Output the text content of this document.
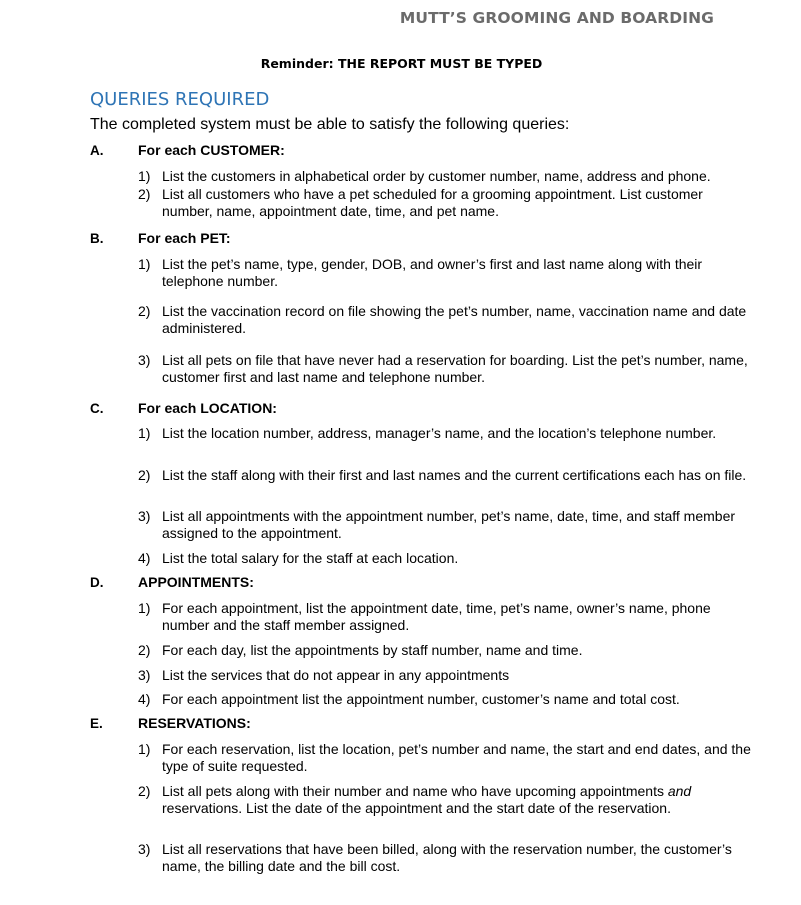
MUTT’S GROOMING AND BOARDING
Reminder: THE REPORT MUST BE TYPED
QUERIES REQUIRED
The completed system must be able to satisfy the following queries:
A. For each CUSTOMER:
1) List the customers in alphabetical order by customer number, name, address and phone.
2) List all customers who have a pet scheduled for a grooming appointment. List customer number, name, appointment date, time, and pet name.
B. For each PET:
1) List the pet’s name, type, gender, DOB, and owner’s first and last name along with their telephone number.
2) List the vaccination record on file showing the pet’s number, name, vaccination name and date administered.
3) List all pets on file that have never had a reservation for boarding. List the pet’s number, name, customer first and last name and telephone number.
C. For each LOCATION:
1) List the location number, address, manager’s name, and the location’s telephone number.
2) List the staff along with their first and last names and the current certifications each has on file.
3) List all appointments with the appointment number, pet’s name, date, time, and staff member assigned to the appointment.
4) List the total salary for the staff at each location.
D. APPOINTMENTS:
1) For each appointment, list the appointment date, time, pet’s name, owner’s name, phone number and the staff member assigned.
2) For each day, list the appointments by staff number, name and time.
3) List the services that do not appear in any appointments
4) For each appointment list the appointment number, customer’s name and total cost.
E.	RESERVATIONS:
1) For each reservation, list the location, pet’s number and name, the start and end dates, and the type of suite requested.
2) List all pets along with their number and name who have upcoming appointments and reservations. List the date of the appointment and the start date of the reservation.
3) List all reservations that have been billed, along with the reservation number, the customer’s name, the billing date and the bill cost.
